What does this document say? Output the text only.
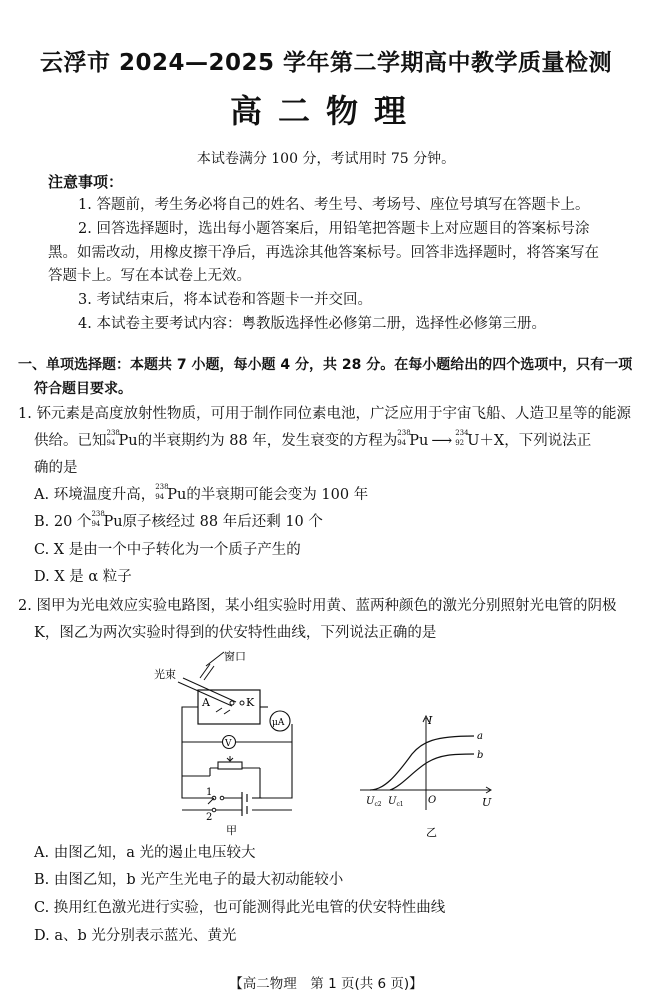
云浮市 2024—2025 学年第二学期高中教学质量检测
高二物理
本试卷满分 100 分，考试用时 75 分钟。
注意事项：
1. 答题前，考生务必将自己的姓名、考生号、考场号、座位号填写在答题卡上。
2. 回答选择题时，选出每小题答案后，用铅笔把答题卡上对应题目的答案标号涂
黑。如需改动，用橡皮擦干净后，再选涂其他答案标号。回答非选择题时，将答案写在
答题卡上。写在本试卷上无效。
3. 考试结束后，将本试卷和答题卡一并交回。
4. 本试卷主要考试内容：粤教版选择性必修第二册，选择性必修第三册。
一、单项选择题：本题共 7 小题，每小题 4 分，共 28 分。在每小题给出的四个选项中，只有一项
符合题目要求。
1. 钚元素是高度放射性物质，可用于制作同位素电池，广泛应用于宇宙飞船、人造卫星等的能源
供给。已知 238
94 Pu的半衰期约为 88 年，发生衰变的方程为 238
94 Pu ⟶ 234
92 U＋X，下列说法正
确的是
A. 环境温度升高， 238
94 Pu的半衰期可能会变为 100 年
B. 20 个 238
94 Pu原子核经过 88 年后还剩 10 个
C. X 是由一个中子转化为一个质子产生的
D. X 是 α 粒子
2. 图甲为光电效应实验电路图，某小组实验时用黄、蓝两种颜色的激光分别照射光电管的阴极
K，图乙为两次实验时得到的伏安特性曲线，下列说法正确的是
光束
窗口
A	K
μA
V
1
2
甲
I
U
O
a
b
$U_{c2}$ $U_{c1}$
乙
A. 由图乙知，a 光的遏止电压较大
B. 由图乙知，b 光产生光电子的最大初动能较小
C. 换用红色激光进行实验，也可能测得此光电管的伏安特性曲线
D. a、b 光分别表示蓝光、黄光
【高二物理　第 1 页(共 6 页)】
